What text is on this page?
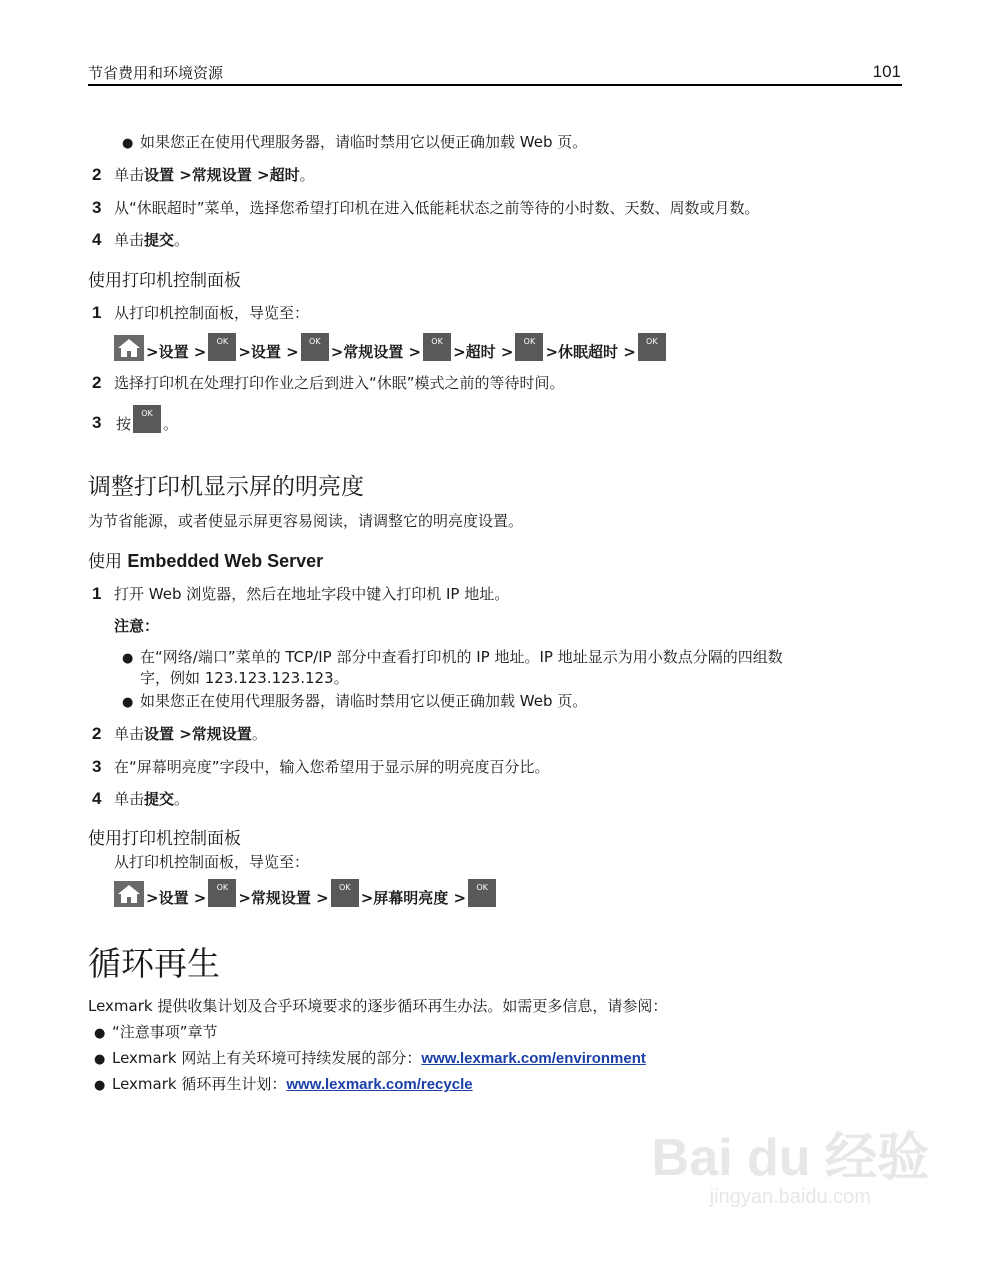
节省费用和环境资源	101
● 如果您正在使用代理服务器，请临时禁用它以便正确加载 Web 页。
2 单击设置 >常规设置 >超时。
3 从“休眠超时”菜单，选择您希望打印机在进入低能耗状态之前等待的小时数、天数、周数或月数。
4 单击提交。
使用打印机控制面板
1 从打印机控制面板，导览至：
>设置 >
OK
>设置 >
OK
>常规设置 >
OK
>超时 >
OK
>休眠超时 >
OK
2 选择打印机在处理打印作业之后到进入“休眠”模式之前的等待时间。
3 按
OK
。
调整打印机显示屏的明亮度
为节省能源，或者使显示屏更容易阅读，请调整它的明亮度设置。
使用 Embedded Web Server
1 打开 Web 浏览器，然后在地址字段中键入打印机 IP 地址。
注意：
● 在“网络/端口”菜单的 TCP/IP 部分中查看打印机的 IP 地址。IP 地址显示为用小数点分隔的四组数
字，例如 123.123.123.123。
● 如果您正在使用代理服务器，请临时禁用它以便正确加载 Web 页。
2 单击设置 >常规设置。
3 在“屏幕明亮度”字段中，输入您希望用于显示屏的明亮度百分比。
4 单击提交。
使用打印机控制面板
从打印机控制面板，导览至：
>设置 >
OK
>常规设置 >
OK
>屏幕明亮度 >
OK
循环再生
Lexmark 提供收集计划及合乎环境要求的逐步循环再生办法。如需更多信息，请参阅：
● “注意事项”章节
● Lexmark 网站上有关环境可持续发展的部分：www.lexmark.com/environment
● Lexmark 循环再生计划：www.lexmark.com/recycle
Bai du 经验
jingyan.baidu.com
